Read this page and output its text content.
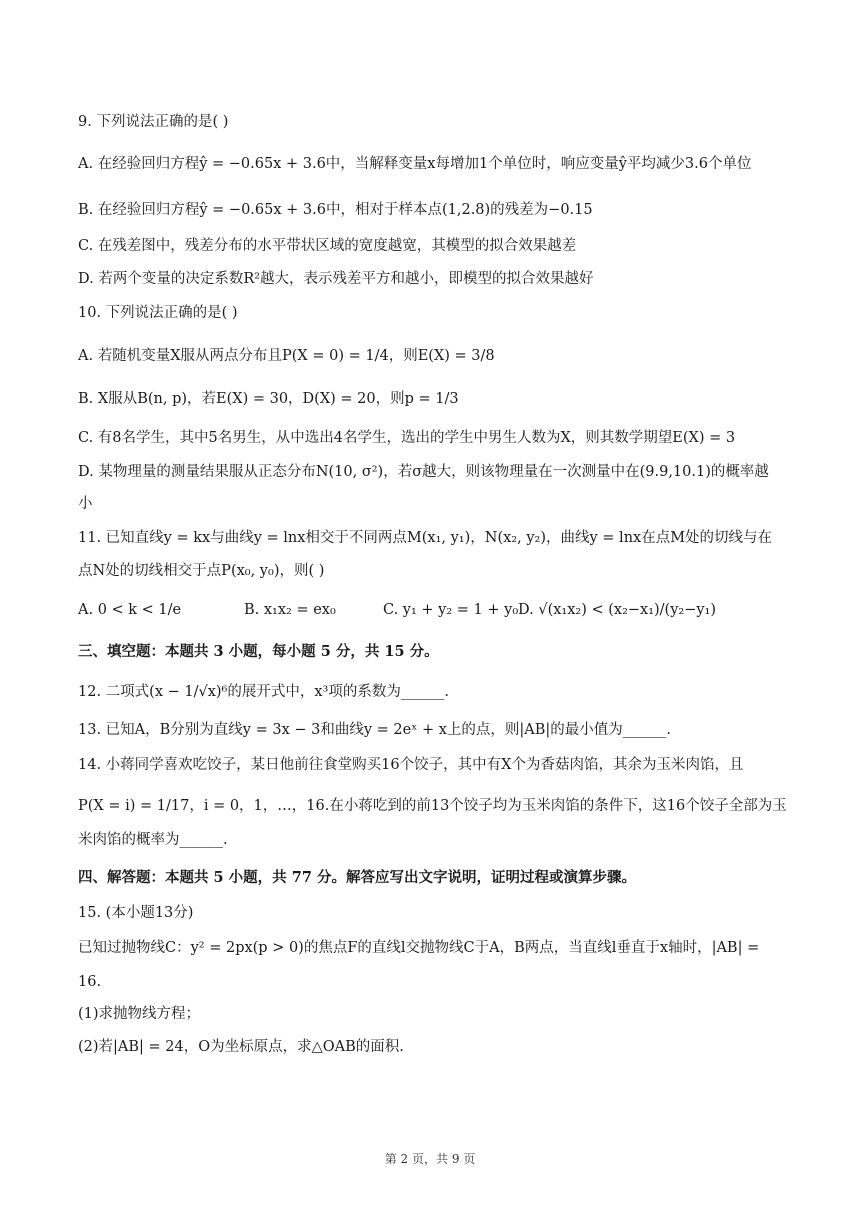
9. 下列说法正确的是( )
A. 在经验回归方程ŷ = −0.65x + 3.6中，当解释变量x每增加1个单位时，响应变量ŷ平均减少3.6个单位
B. 在经验回归方程ŷ = −0.65x + 3.6中，相对于样本点(1,2.8)的残差为−0.15
C. 在残差图中，残差分布的水平带状区域的宽度越宽，其模型的拟合效果越差
D. 若两个变量的决定系数R²越大，表示残差平方和越小，即模型的拟合效果越好
10. 下列说法正确的是( )
A. 若随机变量X服从两点分布且P(X = 0) = 1/4，则E(X) = 3/8
B. X服从B(n, p)，若E(X) = 30，D(X) = 20，则p = 1/3
C. 有8名学生，其中5名男生，从中选出4名学生，选出的学生中男生人数为X，则其数学期望E(X) = 3
D. 某物理量的测量结果服从正态分布N(10, σ²)，若σ越大，则该物理量在一次测量中在(9.9,10.1)的概率越
小
11. 已知直线y = kx与曲线y = lnx相交于不同两点M(x₁, y₁)，N(x₂, y₂)，曲线y = lnx在点M处的切线与在
点N处的切线相交于点P(x₀, y₀)，则( )
A. 0 < k < 1/e	B. x₁x₂ = ex₀	C. y₁ + y₂ = 1 + y₀ D. √(x₁x₂) < (x₂−x₁)/(y₂−y₁)
三、填空题：本题共 3 小题，每小题 5 分，共 15 分。
12. 二项式(x − 1/√x)⁶的展开式中，x³项的系数为______.
13. 已知A，B分别为直线y = 3x − 3和曲线y = 2eˣ + x上的点，则|AB|的最小值为______.
14. 小蒋同学喜欢吃饺子，某日他前往食堂购买16个饺子，其中有X个为香菇肉馅，其余为玉米肉馅，且
P(X = i) = 1/17，i = 0，1，…，16.在小蒋吃到的前13个饺子均为玉米肉馅的条件下，这16个饺子全部为玉
米肉馅的概率为______.
四、解答题：本题共 5 小题，共 77 分。解答应写出文字说明，证明过程或演算步骤。
15. (本小题13分)
已知过抛物线C：y² = 2px(p > 0)的焦点F的直线l交抛物线C于A，B两点，当直线l垂直于x轴时，|AB| =
16.
(1)求抛物线方程；
(2)若|AB| = 24，O为坐标原点，求△OAB的面积.
第 2 页，共 9 页
